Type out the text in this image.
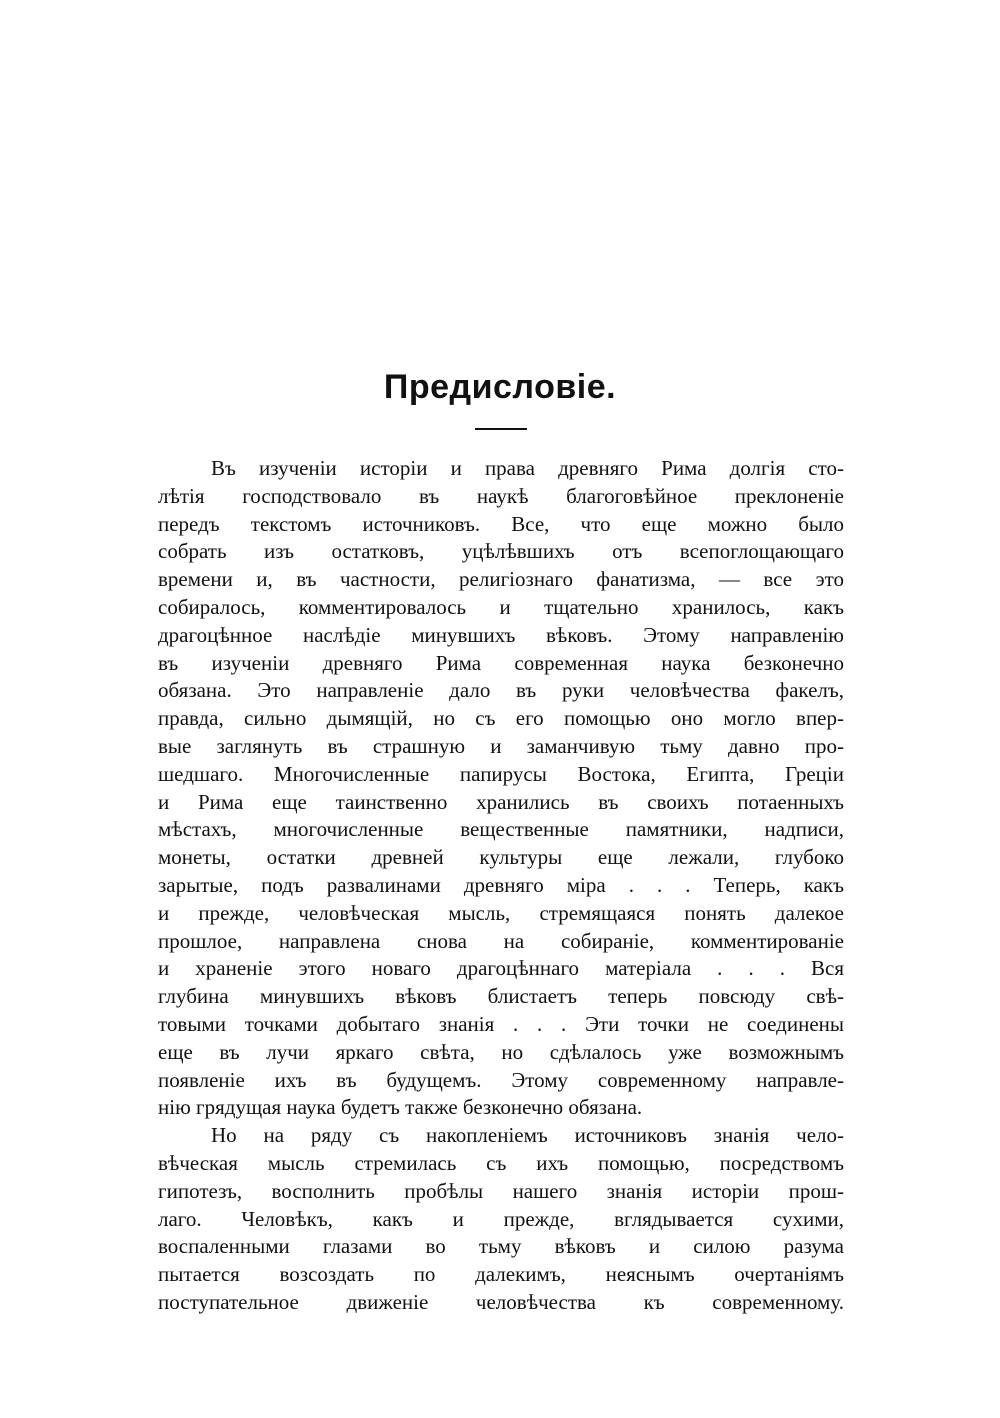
Предисловіе.
Въ изученіи исторіи и права древняго Рима долгія сто-
лѣтія господствовало въ наукѣ благоговѣйное преклоненіе
передъ текстомъ источниковъ. Все, что еще можно было
собрать изъ остатковъ, уцѣлѣвшихъ отъ всепоглощающаго
времени и, въ частности, религіознаго фанатизма, — все это
собиралось, комментировалось и тщательно хранилось, какъ
драгоцѣнное наслѣдіе минувшихъ вѣковъ. Этому направленію
въ изученіи древняго Рима современная наука безконечно
обязана. Это направленіе дало въ руки человѣчества факелъ,
правда, сильно дымящій, но съ его помощью оно могло впер-
вые заглянуть въ страшную и заманчивую тьму давно про-
шедшаго. Многочисленные папирусы Востока, Египта, Греціи
и Рима еще таинственно хранились въ своихъ потаенныхъ
мѣстахъ, многочисленные вещественные памятники, надписи,
монеты, остатки древней культуры еще лежали, глубоко
зарытые, подъ развалинами древняго міра . . . Теперь, какъ
и прежде, человѣческая мысль, стремящаяся понять далекое
прошлое, направлена снова на собираніе, комментированіе
и храненіе этого новаго драгоцѣннаго матеріала . . . Вся
глубина минувшихъ вѣковъ блистаетъ теперь повсюду свѣ-
товыми точками добытаго знанія . . . Эти точки не соединены
еще въ лучи яркаго свѣта, но сдѣлалось уже возможнымъ
появленіе ихъ въ будущемъ. Этому современному направле-
нію грядущая наука будетъ также безконечно обязана.
Но на ряду съ накопленіемъ источниковъ знанія чело-
вѣческая мысль стремилась съ ихъ помощью, посредствомъ
гипотезъ, восполнить пробѣлы нашего знанія исторіи прош-
лаго. Человѣкъ, какъ и прежде, вглядывается сухими,
воспаленными глазами во тьму вѣковъ и силою разума
пытается возсоздать по далекимъ, неяснымъ очертаніямъ
поступательное движеніе человѣчества къ современному.
